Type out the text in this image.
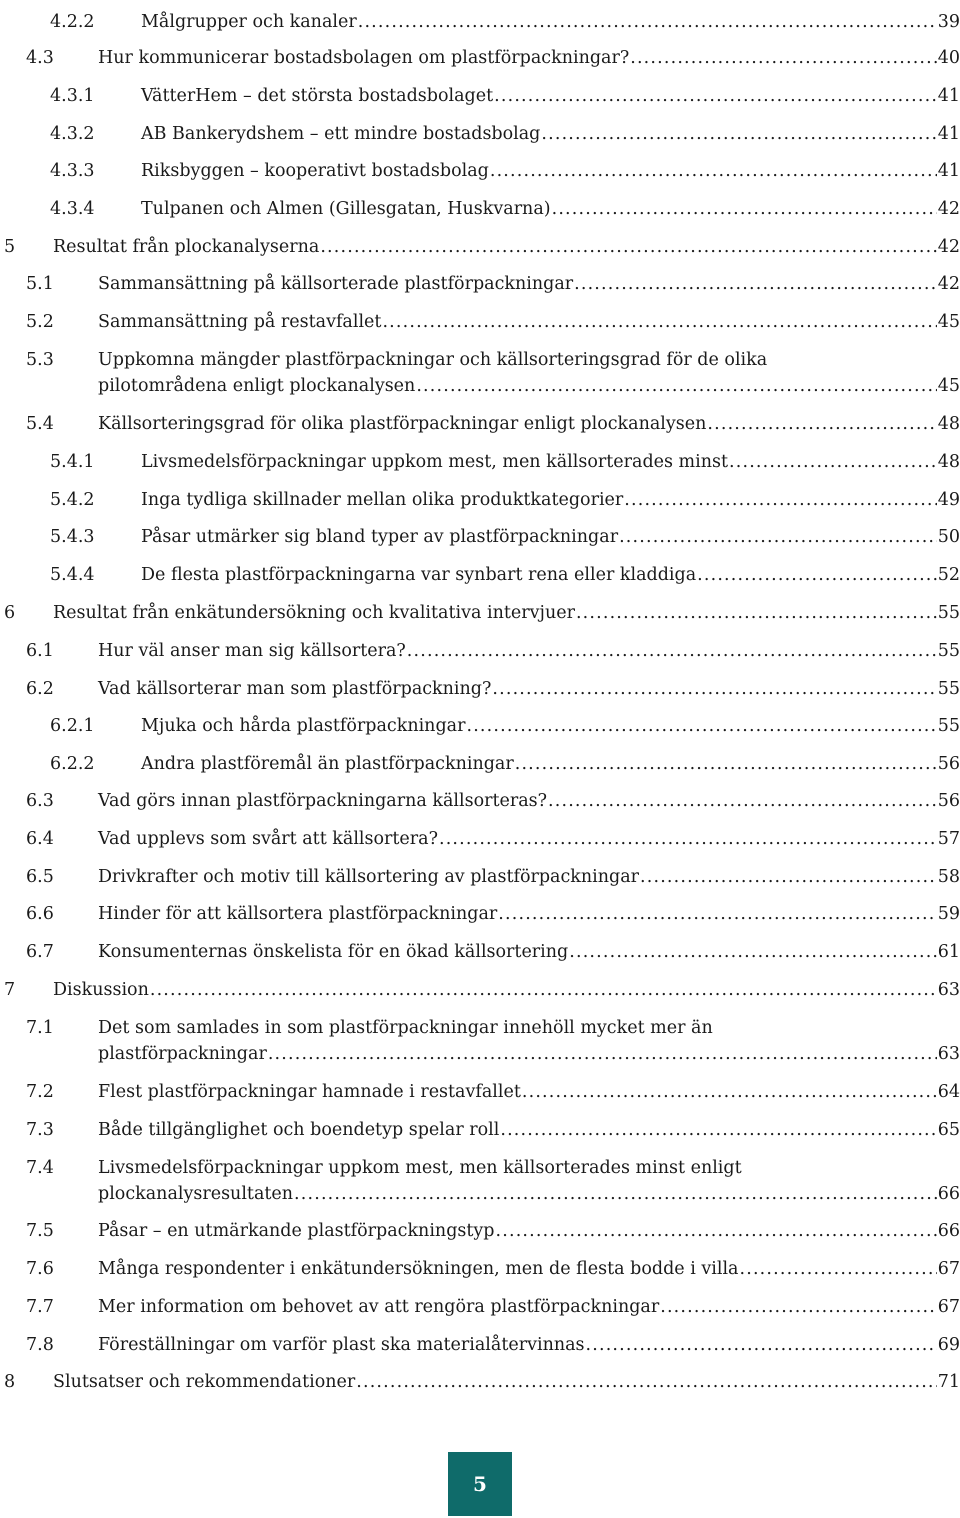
4.2.2	Målgrupper och kanaler . . .	39
4.3	Hur kommunicerar bostadsbolagen om plastförpackningar? . . .	40
4.3.1	VätterHem – det största bostadsbolaget . . .	41
4.3.2	AB Bankerydshem – ett mindre bostadsbolag . . .	41
4.3.3	Riksbyggen – kooperativt bostadsbolag . . .	41
4.3.4	Tulpanen och Almen (Gillesgatan, Huskvarna) . . .	42
5 Resultat från plockanalyserna . . .	42
5.1	Sammansättning på källsorterade plastförpackningar . . .	42
5.2	Sammansättning på restavfallet . . .	45
5.3	Uppkomna mängder plastförpackningar och källsorteringsgrad för de olika
pilotområdena enligt plockanalysen . . .	45
5.4	Källsorteringsgrad för olika plastförpackningar enligt plockanalysen . . .	48
5.4.1	Livsmedelsförpackningar uppkom mest, men källsorterades minst . . .	48
5.4.2	Inga tydliga skillnader mellan olika produktkategorier . . .	49
5.4.3	Påsar utmärker sig bland typer av plastförpackningar . . .	50
5.4.4	De flesta plastförpackningarna var synbart rena eller kladdiga . . .	52
6 Resultat från enkätundersökning och kvalitativa intervjuer . . .	55
6.1	Hur väl anser man sig källsortera? . . .	55
6.2	Vad källsorterar man som plastförpackning? . . .	55
6.2.1	Mjuka och hårda plastförpackningar . . .	55
6.2.2	Andra plastföremål än plastförpackningar . . .	56
6.3	Vad görs innan plastförpackningarna källsorteras? . . .	56
6.4	Vad upplevs som svårt att källsortera? . . .	57
6.5	Drivkrafter och motiv till källsortering av plastförpackningar . . .	58
6.6	Hinder för att källsortera plastförpackningar . . .	59
6.7	Konsumenternas önskelista för en ökad källsortering . . .	61
7 Diskussion . . .	63
7.1	Det som samlades in som plastförpackningar innehöll mycket mer än
plastförpackningar . . .	63
7.2	Flest plastförpackningar hamnade i restavfallet . . .	64
7.3	Både tillgänglighet och boendetyp spelar roll . . .	65
7.4	Livsmedelsförpackningar uppkom mest, men källsorterades minst enligt
plockanalysresultaten . . .	66
7.5	Påsar – en utmärkande plastförpackningstyp . . .	66
7.6	Många respondenter i enkätundersökningen, men de flesta bodde i villa . . .	67
7.7	Mer information om behovet av att rengöra plastförpackningar . . .	67
7.8	Föreställningar om varför plast ska materialåtervinnas . . .	69
8 Slutsatser och rekommendationer . . .	71
5
